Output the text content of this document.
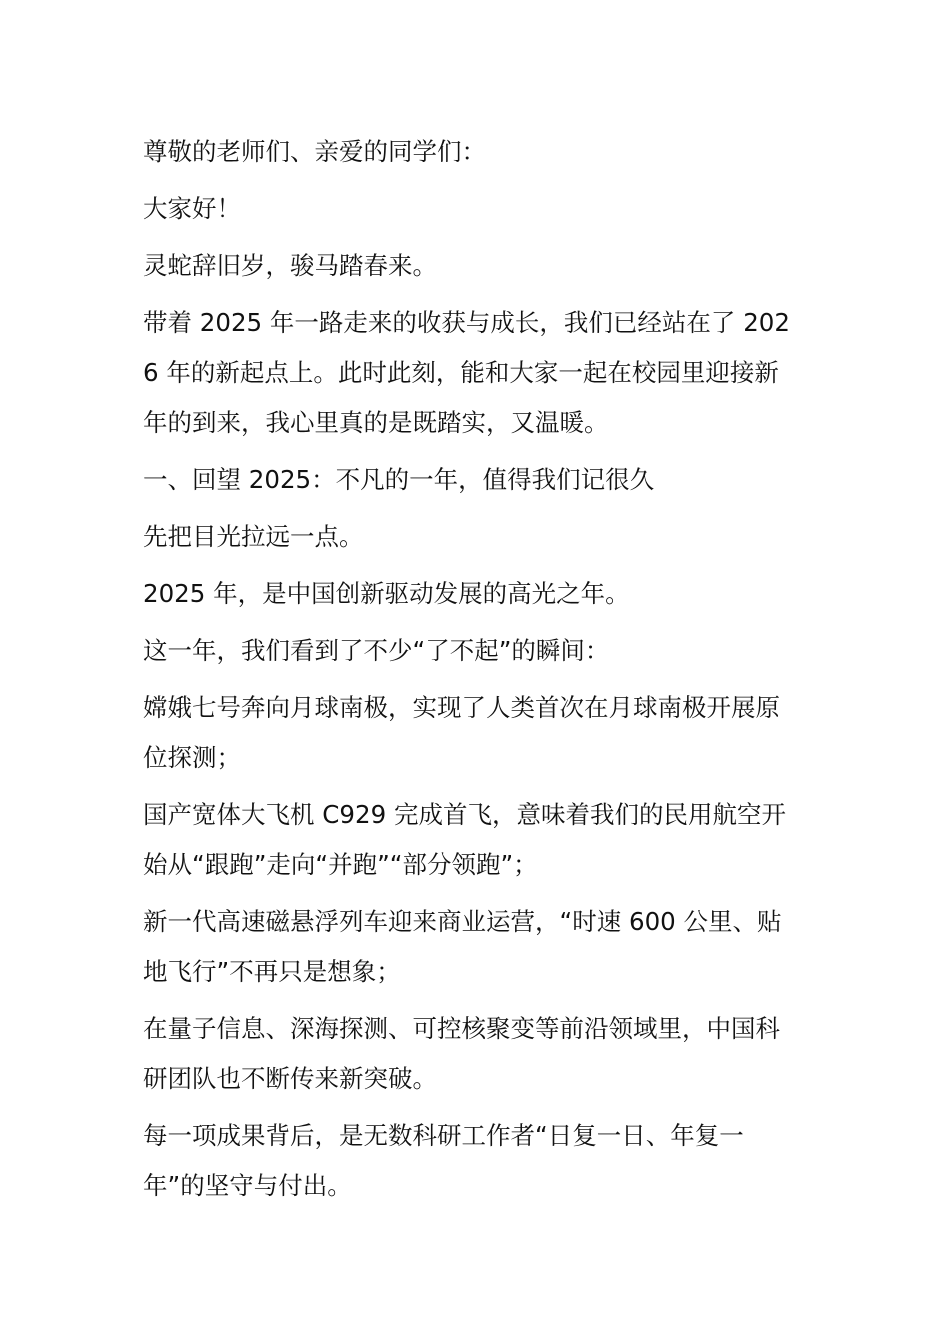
尊敬的老师们、亲爱的同学们：

大家好！

灵蛇辞旧岁，骏马踏春来。

带着 2025 年一路走来的收获与成长，我们已经站在了 2026 年的新起点上。此时此刻，能和大家一起在校园里迎接新年的到来，我心里真的是既踏实，又温暖。

一、回望 2025：不凡的一年，值得我们记很久

先把目光拉远一点。

2025 年，是中国创新驱动发展的高光之年。

这一年，我们看到了不少“了不起”的瞬间：

嫦娥七号奔向月球南极，实现了人类首次在月球南极开展原位探测；

国产宽体大飞机 C929 完成首飞，意味着我们的民用航空开始从“跟跑”走向“并跑”“部分领跑”；

新一代高速磁悬浮列车迎来商业运营，“时速 600 公里、贴地飞行”不再只是想象；

在量子信息、深海探测、可控核聚变等前沿领域里，中国科研团队也不断传来新突破。

每一项成果背后，是无数科研工作者“日复一日、年复一年”的坚守与付出。
